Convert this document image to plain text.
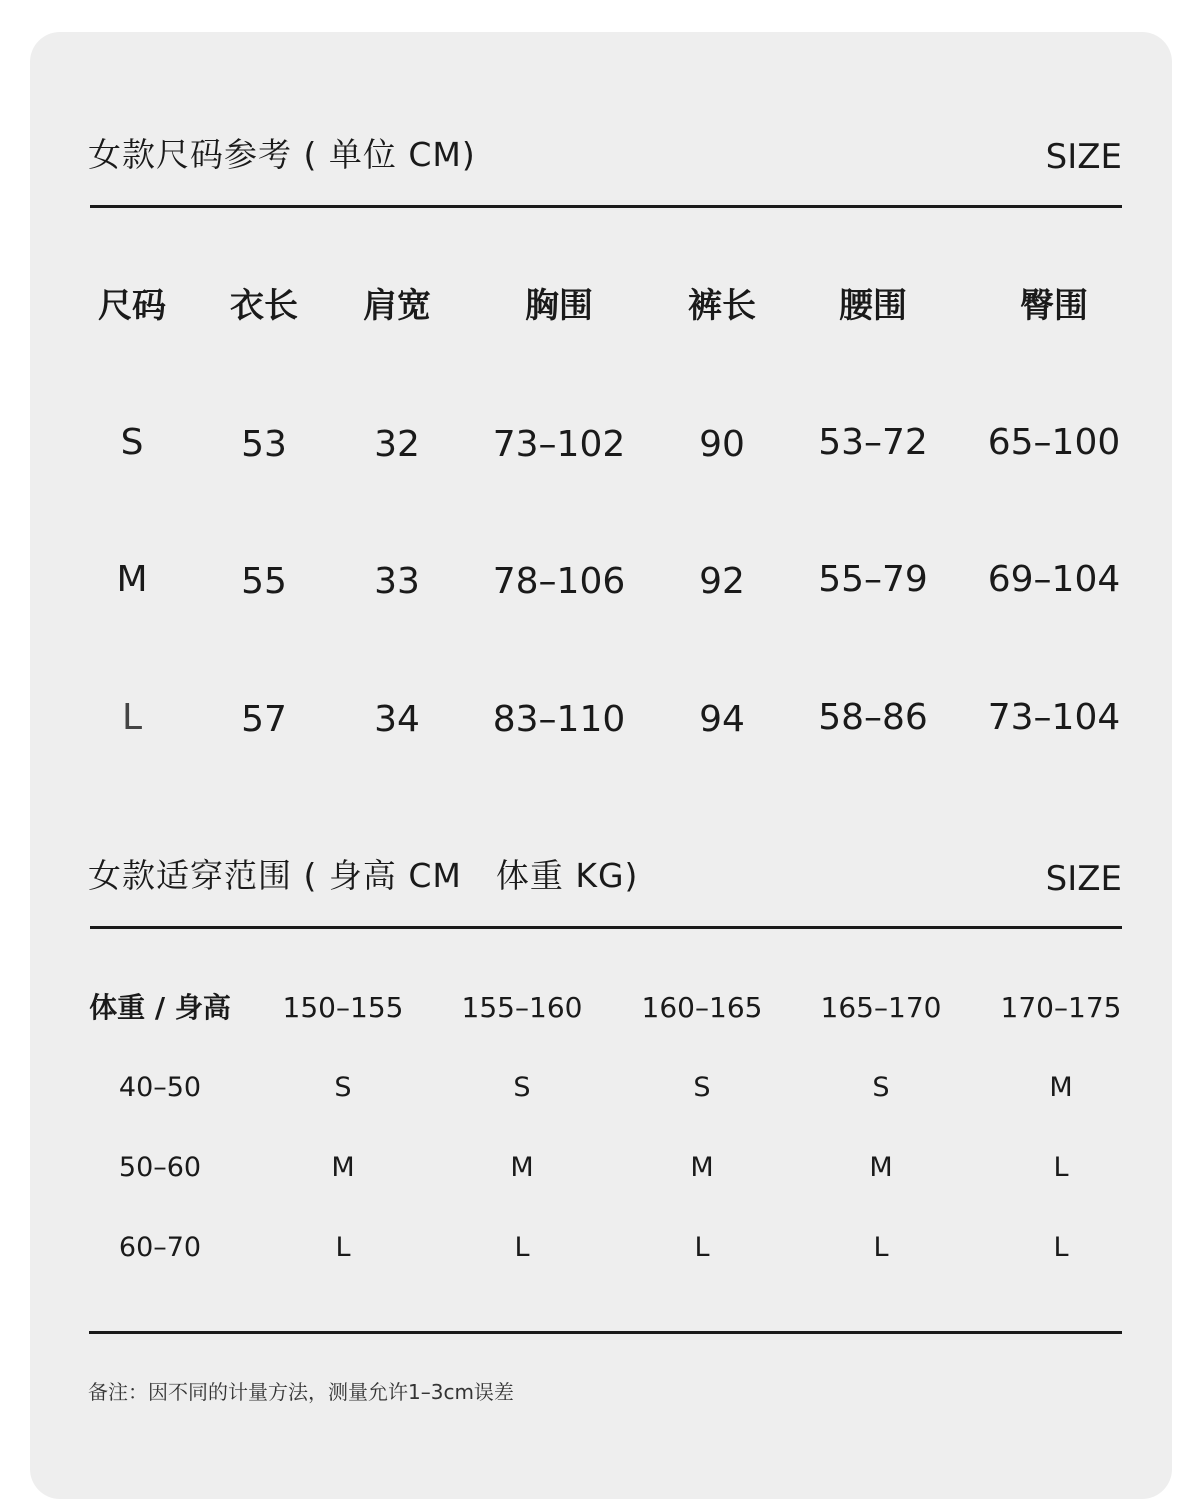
女款尺码参考 ( 单位 CM)	SIZE
尺码 衣长 肩宽	胸围	裤长 腰围	臀围
S	53 32 73–102 90 53–72 65–100
M	55 33 78–106 92 55–79 69–104
L	57 34 83–110 94 58–86 73–104
女款适穿范围 ( 身高 CM　体重 KG)	SIZE
体重 / 身高 150–155 155–160 160–165 165–170 170–175
40–50	S	S	S	S	M
50–60	M	M	M	M	L
60–70	L	L	L	L	L
备注：因不同的计量方法，测量允许1–3cm误差
